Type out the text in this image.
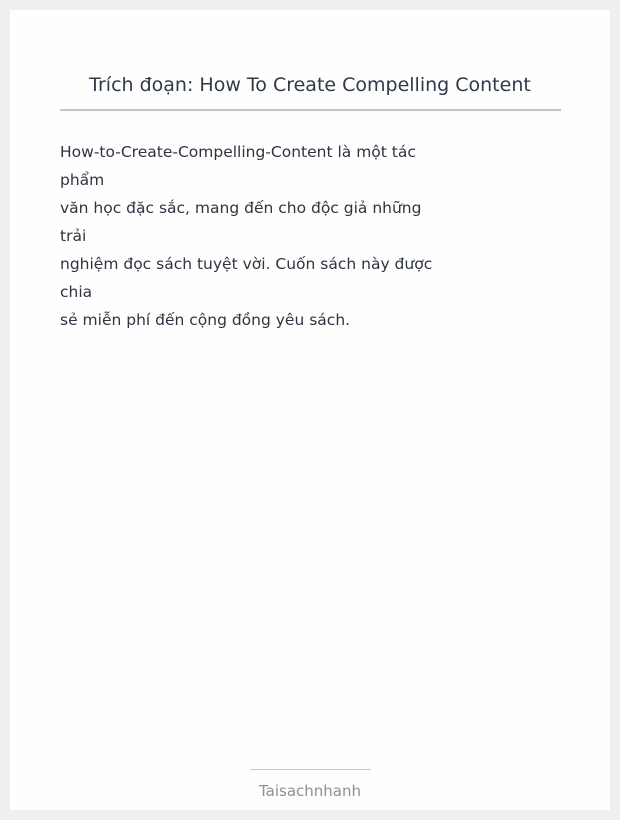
Trích đoạn: How To Create Compelling Content
How-to-Create-Compelling-Content là một tác
phẩm
văn học đặc sắc, mang đến cho độc giả những
trải
nghiệm đọc sách tuyệt vời. Cuốn sách này được
chia
sẻ miễn phí đến cộng đồng yêu sách.
Taisachnhanh
